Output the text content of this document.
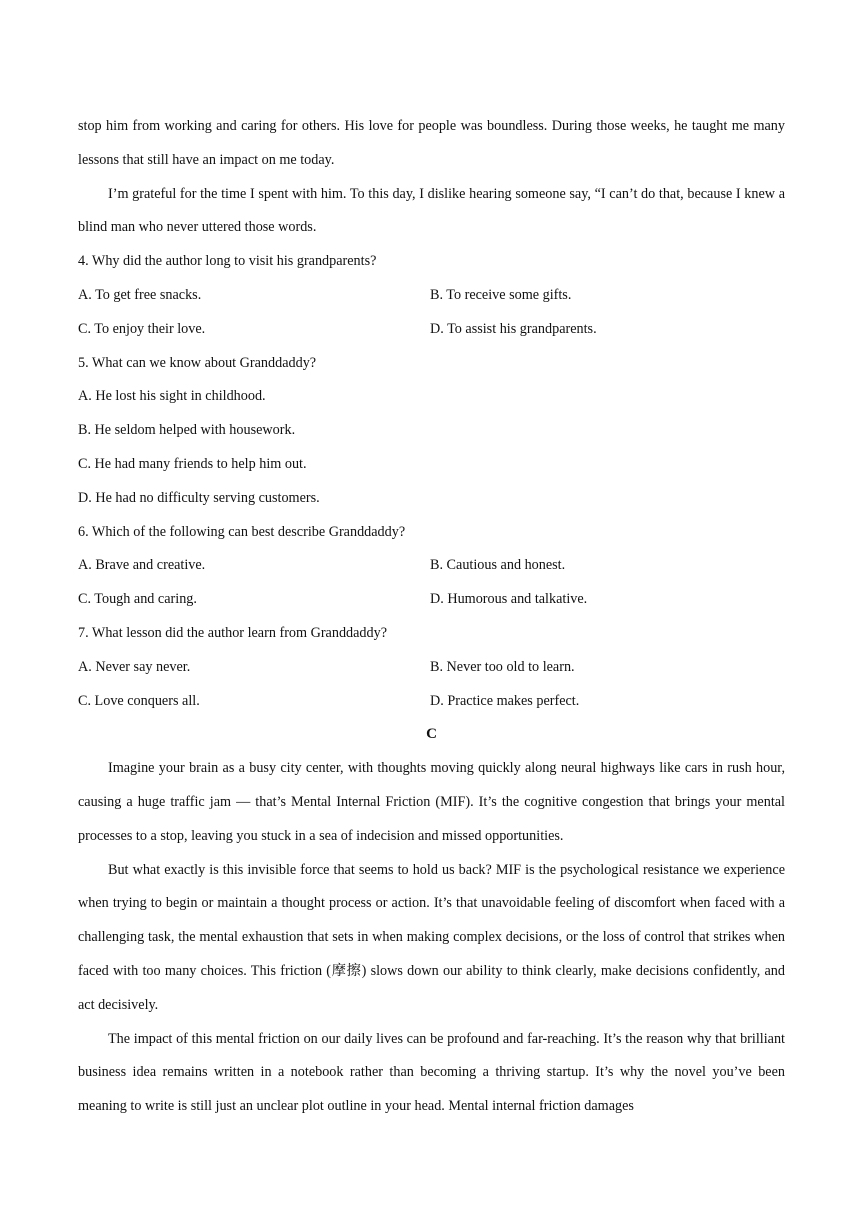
stop him from working and caring for others. His love for people was boundless. During those weeks, he taught me many lessons that still have an impact on me today.

I’m grateful for the time I spent with him. To this day, I dislike hearing someone say, “I can’t do that, because I knew a blind man who never uttered those words.

4. Why did the author long to visit his grandparents?

A. To get free snacks.	B. To receive some gifts.
C. To enjoy their love.	D. To assist his grandparents.

5. What can we know about Granddaddy?

A. He lost his sight in childhood.

B. He seldom helped with housework.

C. He had many friends to help him out.

D. He had no difficulty serving customers.

6. Which of the following can best describe Granddaddy?

A. Brave and creative.	B. Cautious and honest.
C. Tough and caring.	D. Humorous and talkative.

7. What lesson did the author learn from Granddaddy?

A. Never say never.	B. Never too old to learn.
C. Love conquers all.	D. Practice makes perfect.

C

Imagine your brain as a busy city center, with thoughts moving quickly along neural highways like cars in rush hour, causing a huge traffic jam — that’s Mental Internal Friction (MIF). It’s the cognitive congestion that brings your mental processes to a stop, leaving you stuck in a sea of indecision and missed opportunities.

But what exactly is this invisible force that seems to hold us back? MIF is the psychological resistance we experience when trying to begin or maintain a thought process or action. It’s that unavoidable feeling of discomfort when faced with a challenging task, the mental exhaustion that sets in when making complex decisions, or the loss of control that strikes when faced with too many choices. This friction (摩擦) slows down our ability to think clearly, make decisions confidently, and act decisively.

The impact of this mental friction on our daily lives can be profound and far-reaching. It’s the reason why that brilliant business idea remains written in a notebook rather than becoming a thriving startup. It’s why the novel you’ve been meaning to write is still just an unclear plot outline in your head. Mental internal friction damages
